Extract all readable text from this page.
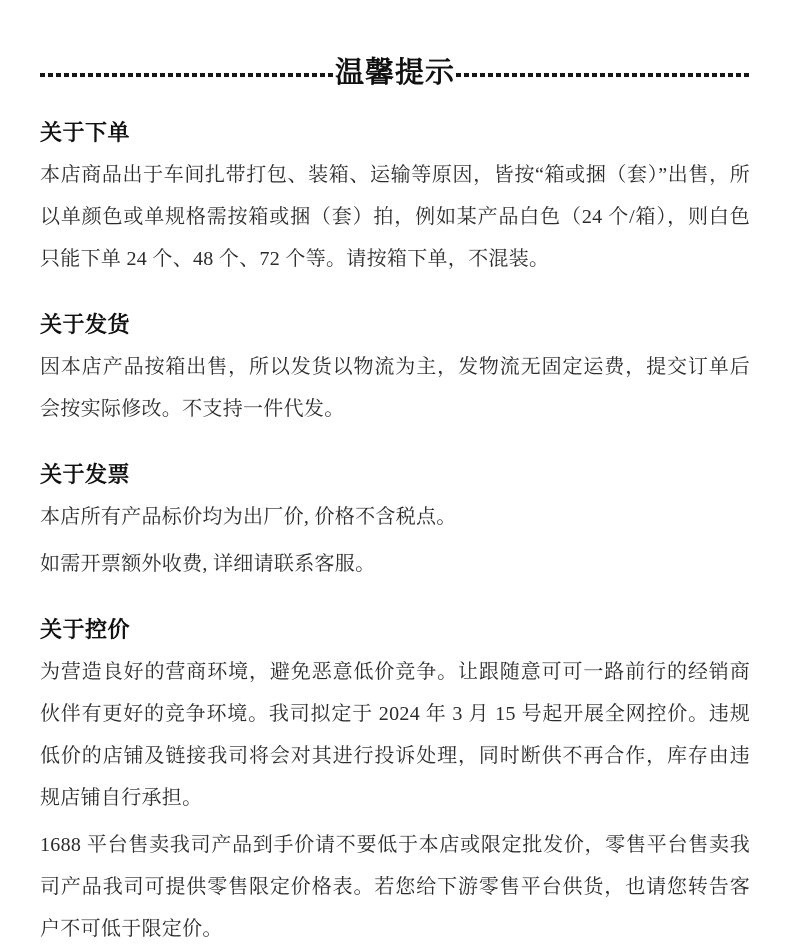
温馨提示
关于下单

本店商品出于车间扎带打包、装箱、运输等原因，皆按“箱或捆（套）”出售，所以单颜色或单规格需按箱或捆（套）拍，例如某产品白色（24 个/箱），则白色只能下单 24 个、48 个、72 个等。请按箱下单，不混装。

关于发货

因本店产品按箱出售，所以发货以物流为主，发物流无固定运费，提交订单后会按实际修改。不支持一件代发。

关于发票

本店所有产品标价均为出厂价, 价格不含税点。

如需开票额外收费, 详细请联系客服。

关于控价

为营造良好的营商环境，避免恶意低价竞争。让跟随意可可一路前行的经销商伙伴有更好的竞争环境。我司拟定于 2024 年 3 月 15 号起开展全网控价。违规低价的店铺及链接我司将会对其进行投诉处理，同时断供不再合作，库存由违规店铺自行承担。

1688 平台售卖我司产品到手价请不要低于本店或限定批发价，零售平台售卖我司产品我司可提供零售限定价格表。若您给下游零售平台供货，也请您转告客户不可低于限定价。
